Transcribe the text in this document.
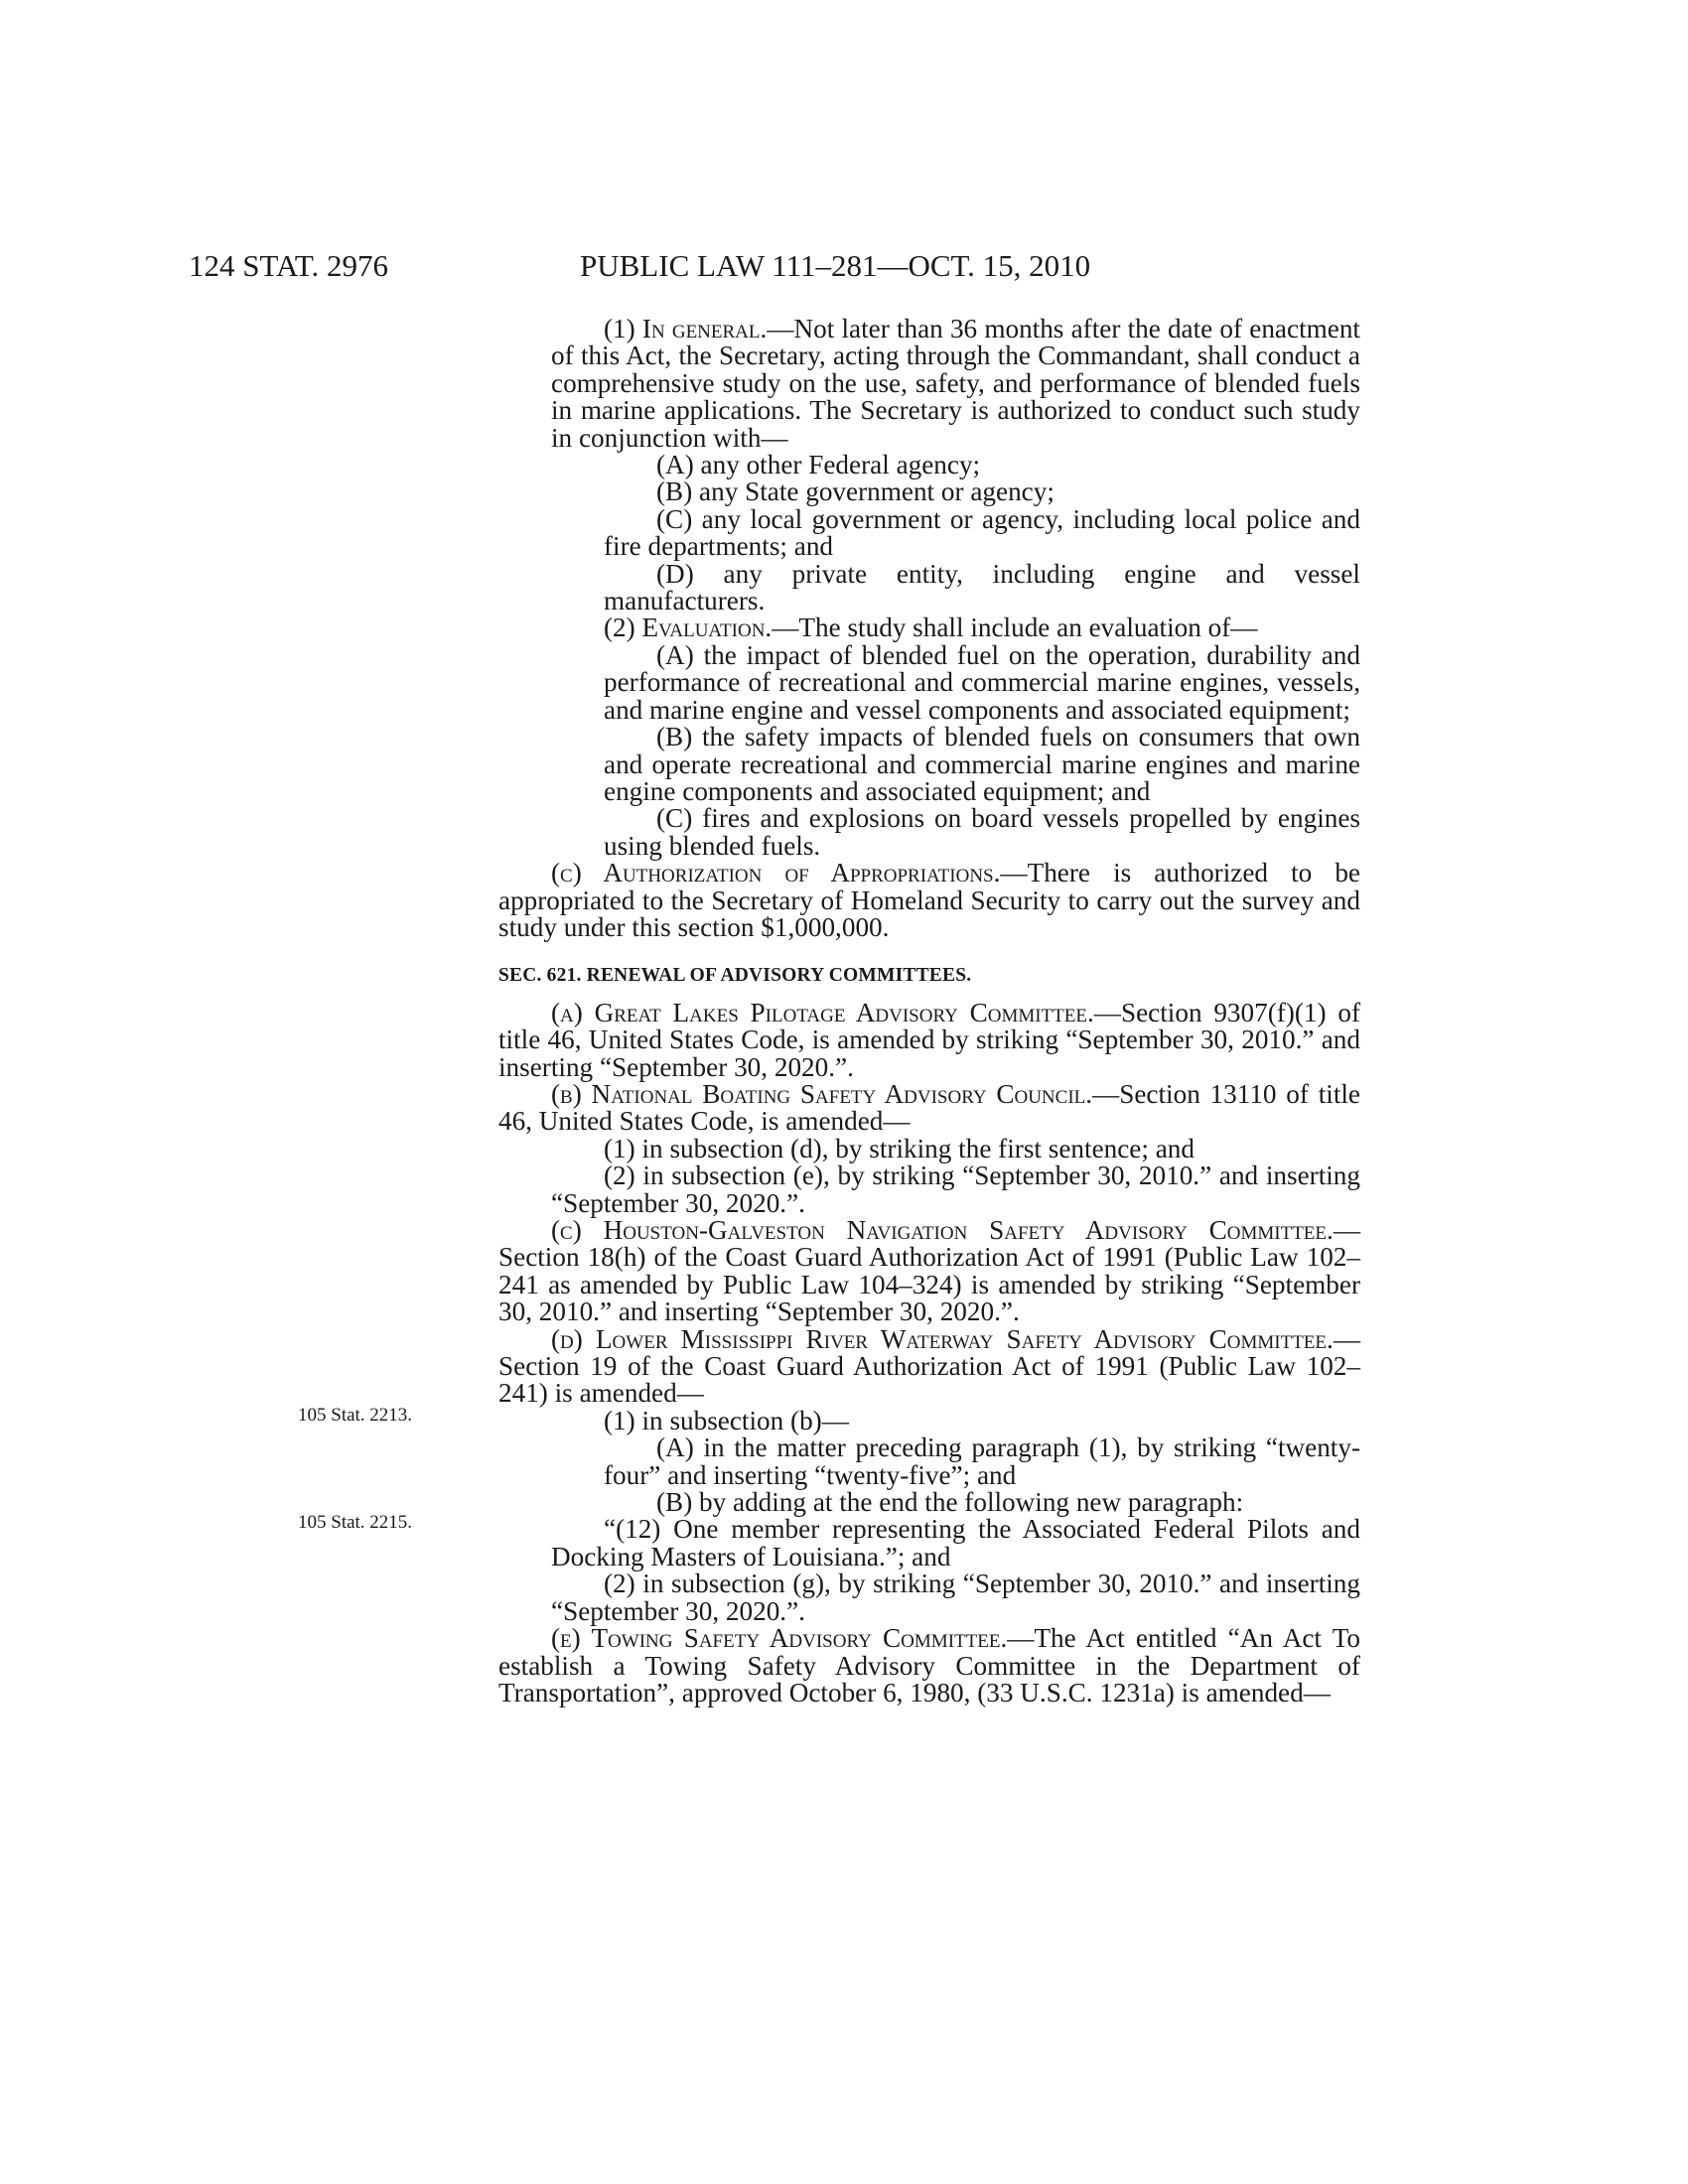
124 STAT. 2976	PUBLIC LAW 111–281—OCT. 15, 2010
105 Stat. 2213.
105 Stat. 2215.

(1) In general.—Not later than 36 months after the date of enactment of this Act, the Secretary, acting through the Commandant, shall conduct a comprehensive study on the use, safety, and performance of blended fuels in marine applications. The Secretary is authorized to conduct such study in conjunction with—

(A) any other Federal agency;

(B) any State government or agency;

(C) any local government or agency, including local police and fire departments; and

(D) any private entity, including engine and vessel manufacturers.

(2) Evaluation.—The study shall include an evaluation of—

(A) the impact of blended fuel on the operation, durability and performance of recreational and commercial marine engines, vessels, and marine engine and vessel components and associated equipment;

(B) the safety impacts of blended fuels on consumers that own and operate recreational and commercial marine engines and marine engine components and associated equipment; and

(C) fires and explosions on board vessels propelled by engines using blended fuels.

(c) Authorization of Appropriations.—There is authorized to be appropriated to the Secretary of Homeland Security to carry out the survey and study under this section $1,000,000.

SEC. 621. RENEWAL OF ADVISORY COMMITTEES.

(a) Great Lakes Pilotage Advisory Committee.—Section 9307(f)(1) of title 46, United States Code, is amended by striking “September 30, 2010.” and inserting “September 30, 2020.”.

(b) National Boating Safety Advisory Council.—Section 13110 of title 46, United States Code, is amended—

(1) in subsection (d), by striking the first sentence; and

(2) in subsection (e), by striking “September 30, 2010.” and inserting “September 30, 2020.”.

(c) Houston-Galveston Navigation Safety Advisory Committee.—Section 18(h) of the Coast Guard Authorization Act of 1991 (Public Law 102–241 as amended by Public Law 104–324) is amended by striking “September 30, 2010.” and inserting “September 30, 2020.”.

(d) Lower Mississippi River Waterway Safety Advisory Committee.—Section 19 of the Coast Guard Authorization Act of 1991 (Public Law 102–241) is amended—

(1) in subsection (b)—

(A) in the matter preceding paragraph (1), by striking “twenty-four” and inserting “twenty-five”; and

(B) by adding at the end the following new paragraph:

“(12) One member representing the Associated Federal Pilots and Docking Masters of Louisiana.”; and

(2) in subsection (g), by striking “September 30, 2010.” and inserting “September 30, 2020.”.

(e) Towing Safety Advisory Committee.—The Act entitled “An Act To establish a Towing Safety Advisory Committee in the Department of Transportation”, approved October 6, 1980, (33 U.S.C. 1231a) is amended—
